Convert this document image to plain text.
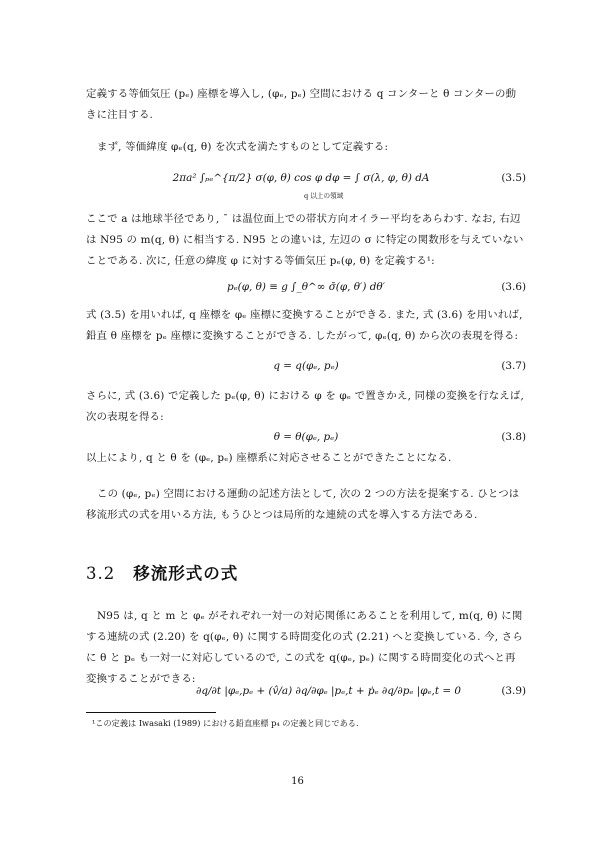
定義する等価気圧 (pₑ) 座標を導入し, (φₑ, pₑ) 空間における q コンターと θ コンターの動きに注目する.
まず, 等価緯度 φₑ(q, θ) を次式を満たすものとして定義する:
2πa² ∫ₚₑ^{π/2} σ(φ, θ) cos φ dφ = ∫ σ(λ, φ, θ) dA
q 以上の領域
(3.5)
ここで a は地球半径であり, ¯ は温位面上での帯状方向オイラー平均をあらわす. なお, 右辺は N95 の m(q, θ) に相当する. N95 との違いは, 左辺の σ に特定の関数形を与えていないことである. 次に, 任意の緯度 φ に対する等価気圧 pₑ(φ, θ) を定義する¹:
pₑ(φ, θ) ≡ g ∫_θ^∞ σ̄(φ, θ′) dθ′	(3.6)
式 (3.5) を用いれば, q 座標を φₑ 座標に変換することができる. また, 式 (3.6) を用いれば, 鉛直 θ 座標を pₑ 座標に変換することができる. したがって, φₑ(q, θ) から次の表現を得る:
q = q(φₑ, pₑ)	(3.7)
さらに, 式 (3.6) で定義した pₑ(φ, θ) における φ を φₑ で置きかえ, 同様の変換を行なえば, 次の表現を得る:
θ = θ(φₑ, pₑ)	(3.8)
以上により, q と θ を (φₑ, pₑ) 座標系に対応させることができたことになる.
この (φₑ, pₑ) 空間における運動の記述方法として, 次の 2 つの方法を提案する. ひとつは移流形式の式を用いる方法, もうひとつは局所的な連続の式を導入する方法である.
3.2 移流形式の式
N95 は, q と m と φₑ がそれぞれ一対一の対応関係にあることを利用して, m(q, θ) に関する連続の式 (2.20) を q(φₑ, θ) に関する時間変化の式 (2.21) へと変換している. 今, さらに θ と pₑ も一対一に対応しているので, この式を q(φₑ, pₑ) に関する時間変化の式へと再変換することができる:
∂q/∂t |φₑ,pₑ + (v̂/a) ∂q/∂φₑ |pₑ,t + ṗₑ ∂q/∂pₑ |φₑ,t = 0	(3.9)
¹この定義は Iwasaki (1989) における鉛直座標 p₄ の定義と同じである.
16
